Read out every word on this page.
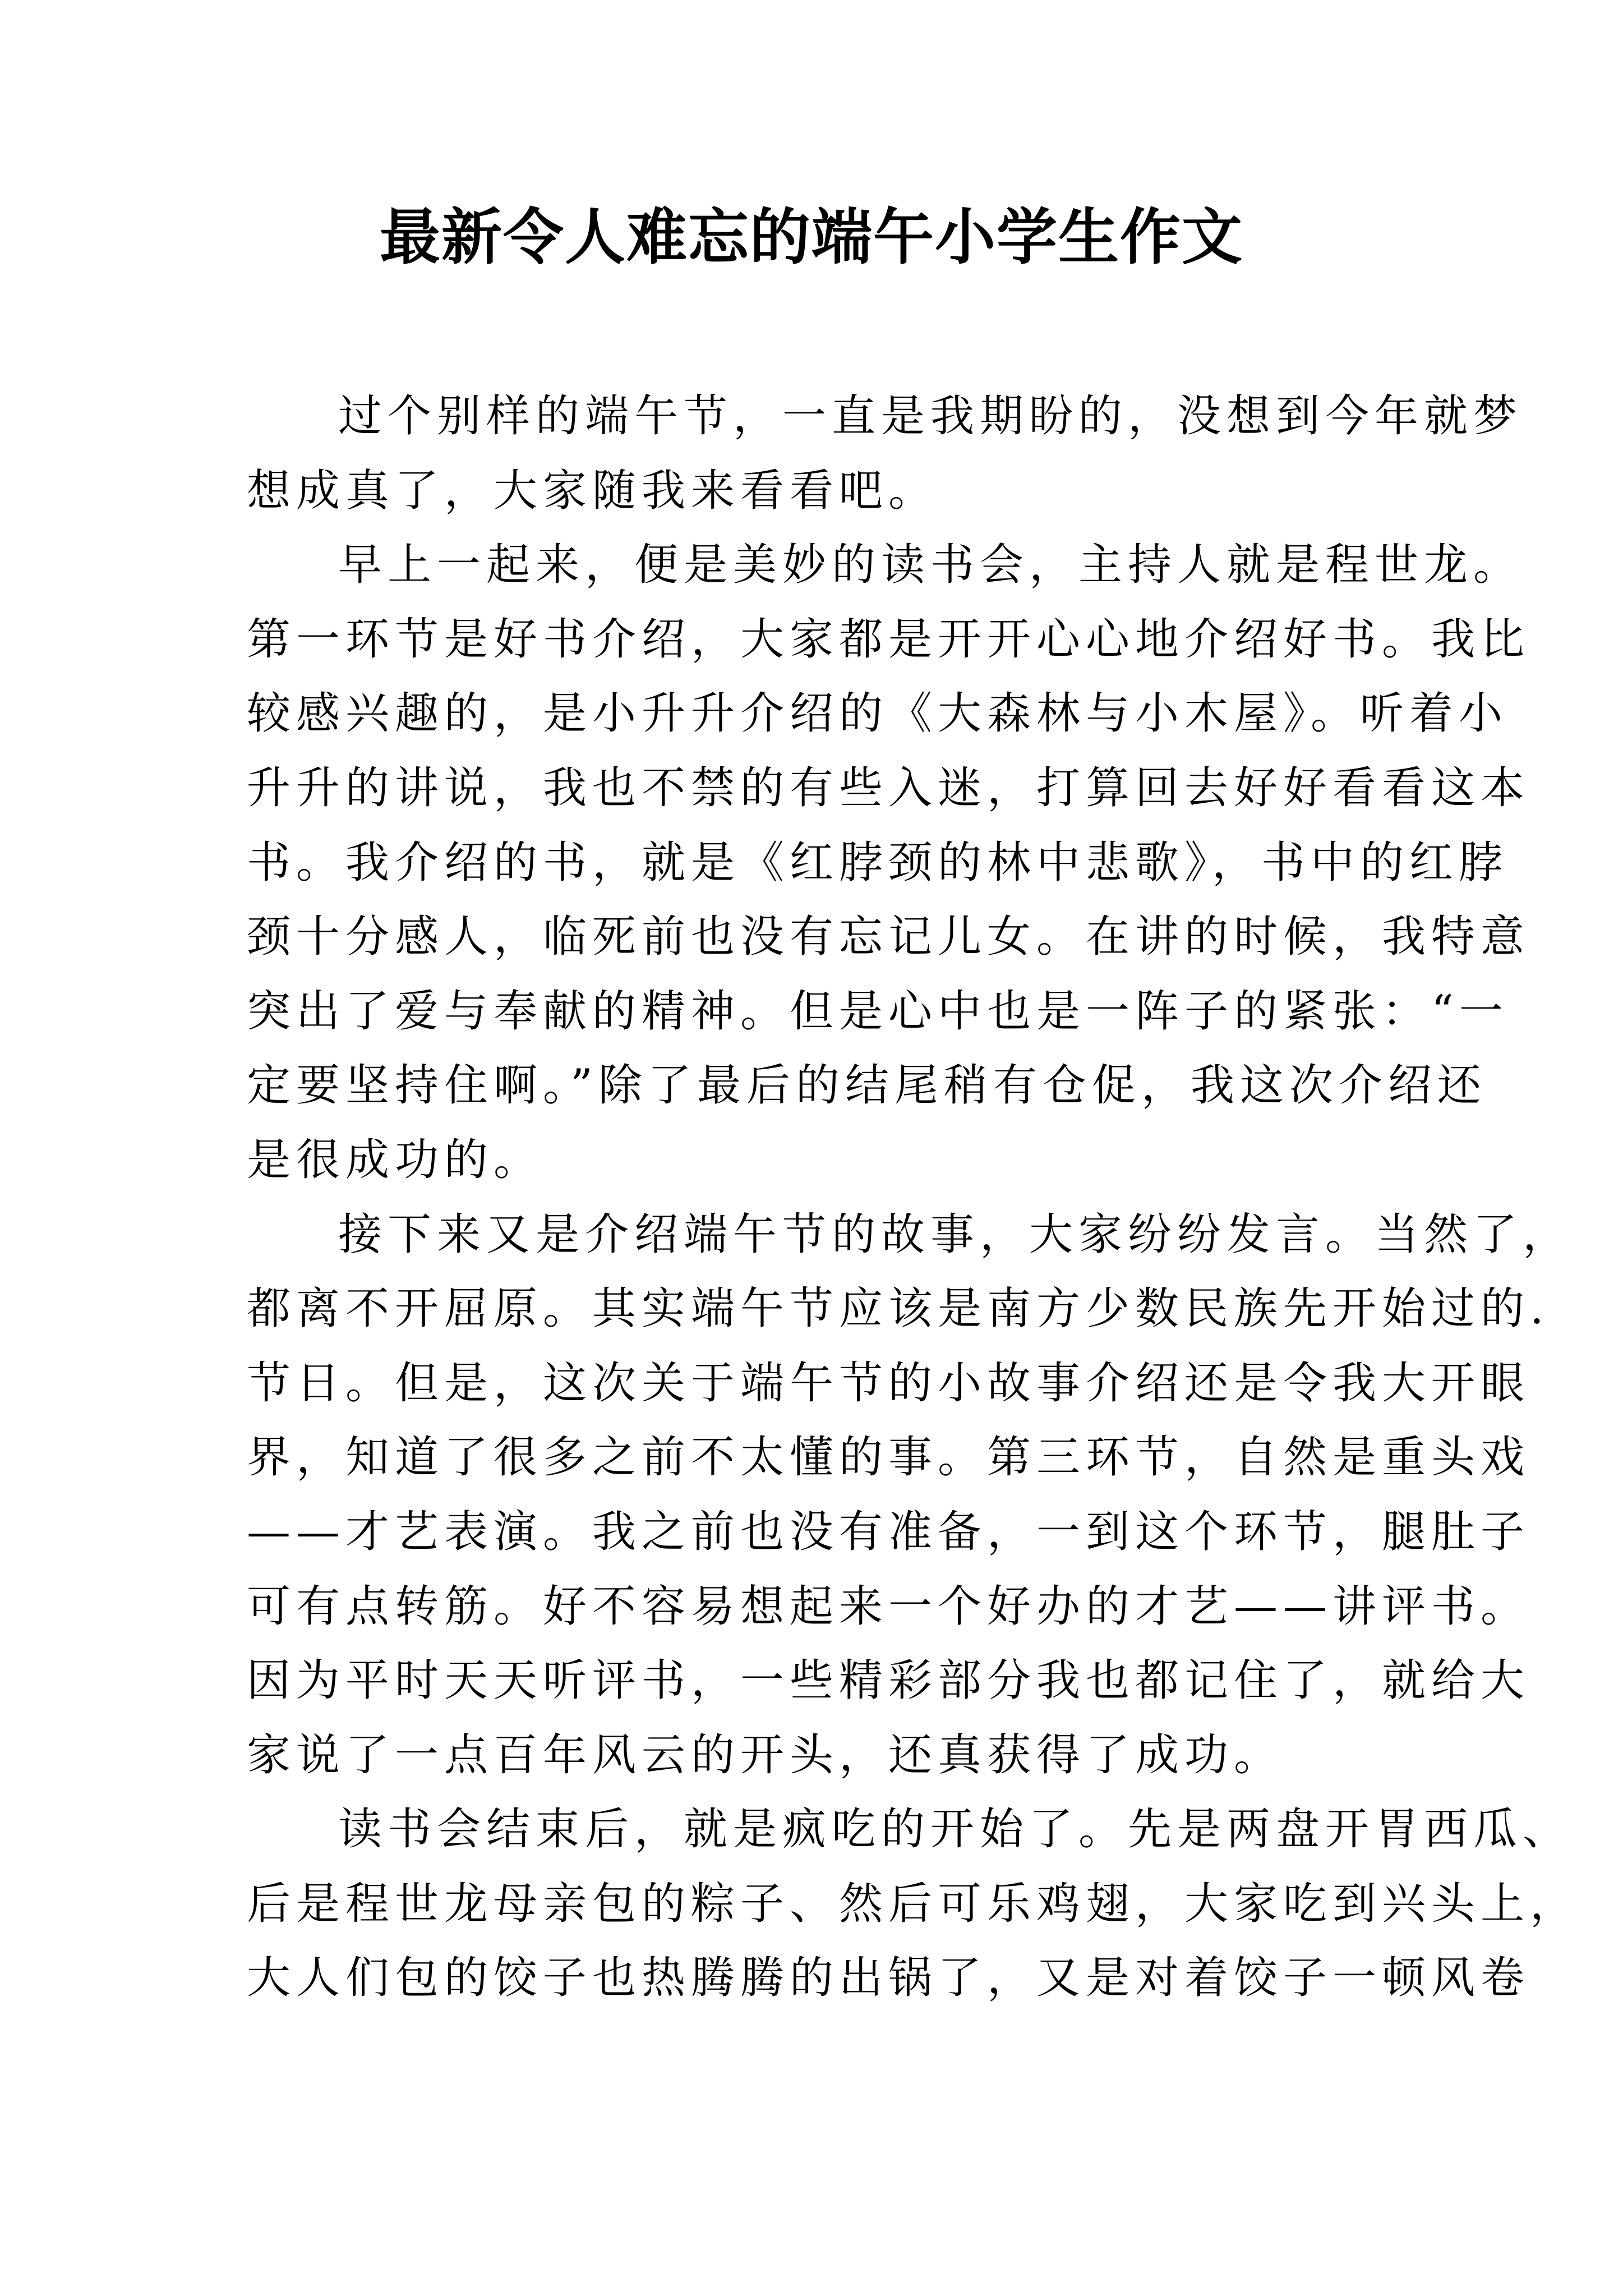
最新令人难忘的端午小学生作文
过个别样的端午节，一直是我期盼的，没想到今年就梦
想成真了，大家随我来看看吧。
早上一起来，便是美妙的读书会，主持人就是程世龙。
第一环节是好书介绍，大家都是开开心心地介绍好书。我比
较感兴趣的，是小升升介绍的《大森林与小木屋》。听着小
升升的讲说，我也不禁的有些入迷，打算回去好好看看这本
书。我介绍的书，就是《红脖颈的林中悲歌》，书中的红脖
颈十分感人，临死前也没有忘记儿女。在讲的时候，我特意
突出了爱与奉献的精神。但是心中也是一阵子的紧张：“一
定要坚持住啊。”除了最后的结尾稍有仓促，我这次介绍还
是很成功的。
接下来又是介绍端午节的故事，大家纷纷发言。当然了，
都离不开屈原。其实端午节应该是南方少数民族先开始过的.
节日。但是，这次关于端午节的小故事介绍还是令我大开眼
界，知道了很多之前不太懂的事。第三环节，自然是重头戏
——才艺表演。我之前也没有准备，一到这个环节，腿肚子
可有点转筋。好不容易想起来一个好办的才艺——讲评书。
因为平时天天听评书，一些精彩部分我也都记住了，就给大
家说了一点百年风云的开头，还真获得了成功。
读书会结束后，就是疯吃的开始了。先是两盘开胃西瓜、
后是程世龙母亲包的粽子、然后可乐鸡翅，大家吃到兴头上，
大人们包的饺子也热腾腾的出锅了，又是对着饺子一顿风卷
